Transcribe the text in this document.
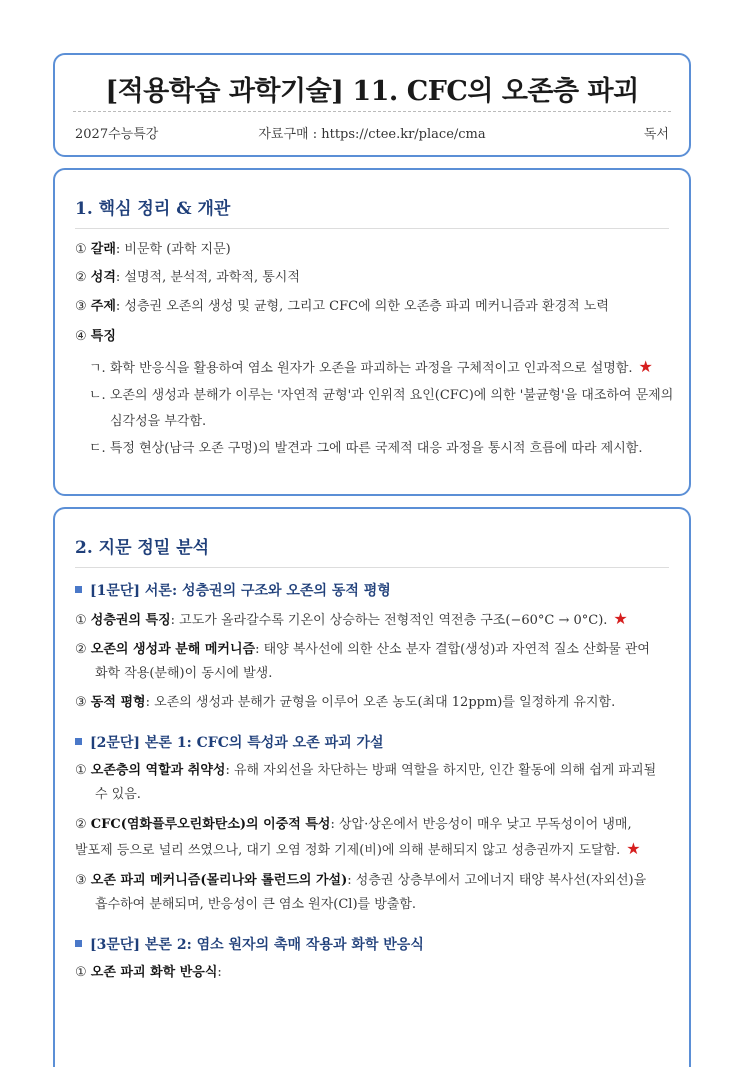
[적용학습 과학기술] 11. CFC의 오존층 파괴
2027수능특강	자료구매 : https://ctee.kr/place/cma	독서
1. 핵심 정리 & 개관
① 갈래: 비문학 (과학 지문)
② 성격: 설명적, 분석적, 과학적, 통시적
③ 주제: 성층권 오존의 생성 및 균형, 그리고 CFC에 의한 오존층 파괴 메커니즘과 환경적 노력
④ 특징
ㄱ. 화학 반응식을 활용하여 염소 원자가 오존을 파괴하는 과정을 구체적이고 인과적으로 설명함. ★
ㄴ. 오존의 생성과 분해가 이루는 '자연적 균형'과 인위적 요인(CFC)에 의한 '불균형'을 대조하여 문제의
심각성을 부각함.
ㄷ. 특정 현상(남극 오존 구멍)의 발견과 그에 따른 국제적 대응 과정을 통시적 흐름에 따라 제시함.
2. 지문 정밀 분석
[1문단] 서론: 성층권의 구조와 오존의 동적 평형
① 성층권의 특징: 고도가 올라갈수록 기온이 상승하는 전형적인 역전층 구조(−60°C → 0°C). ★
② 오존의 생성과 분해 메커니즘: 태양 복사선에 의한 산소 분자 결합(생성)과 자연적 질소 산화물 관여
화학 작용(분해)이 동시에 발생.
③ 동적 평형: 오존의 생성과 분해가 균형을 이루어 오존 농도(최대 12ppm)를 일정하게 유지함.
[2문단] 본론 1: CFC의 특성과 오존 파괴 가설
① 오존층의 역할과 취약성: 유해 자외선을 차단하는 방패 역할을 하지만, 인간 활동에 의해 쉽게 파괴될
수 있음.
② CFC(염화플루오린화탄소)의 이중적 특성: 상압·상온에서 반응성이 매우 낮고 무독성이어 냉매,
발포제 등으로 널리 쓰였으나, 대기 오염 정화 기제(비)에 의해 분해되지 않고 성층권까지 도달함. ★
③ 오존 파괴 메커니즘(몰리나와 롤런드의 가설): 성층권 상층부에서 고에너지 태양 복사선(자외선)을
흡수하여 분해되며, 반응성이 큰 염소 원자(Cl)를 방출함.
[3문단] 본론 2: 염소 원자의 촉매 작용과 화학 반응식
① 오존 파괴 화학 반응식:
